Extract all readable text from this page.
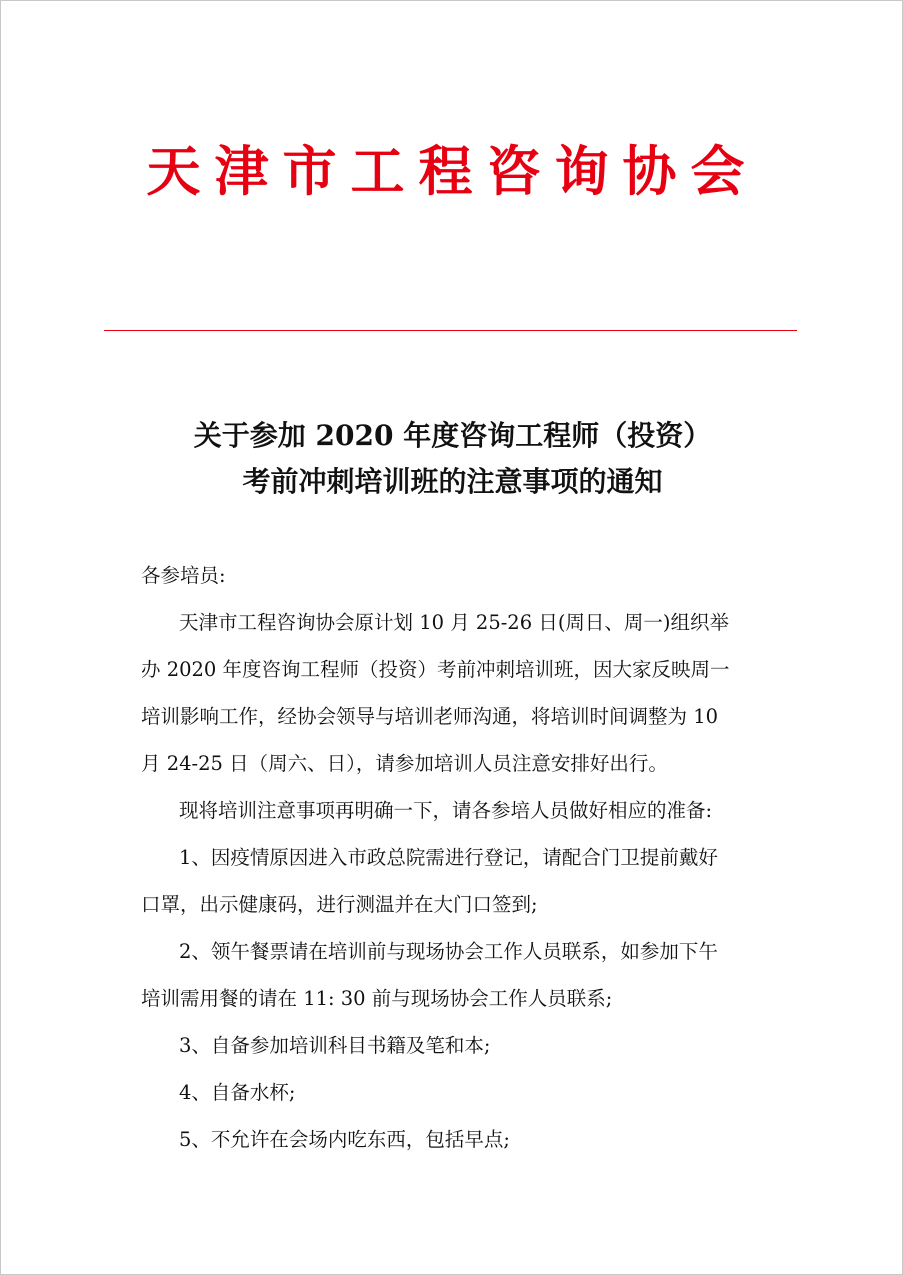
天津市工程咨询协会
关于参加 2020 年度咨询工程师（投资）
考前冲刺培训班的注意事项的通知
各参培员:
天津市工程咨询协会原计划 10 月 25-26 日(周日、周一)组织举
办 2020 年度咨询工程师（投资）考前冲刺培训班，因大家反映周一
培训影响工作，经协会领导与培训老师沟通，将培训时间调整为 10
月 24-25 日（周六、日），请参加培训人员注意安排好出行。
现将培训注意事项再明确一下，请各参培人员做好相应的准备:
1、因疫情原因进入市政总院需进行登记，请配合门卫提前戴好
口罩，出示健康码，进行测温并在大门口签到;
2、领午餐票请在培训前与现场协会工作人员联系，如参加下午
培训需用餐的请在 11: 30 前与现场协会工作人员联系;
3、自备参加培训科目书籍及笔和本;
4、自备水杯;
5、不允许在会场内吃东西，包括早点;
